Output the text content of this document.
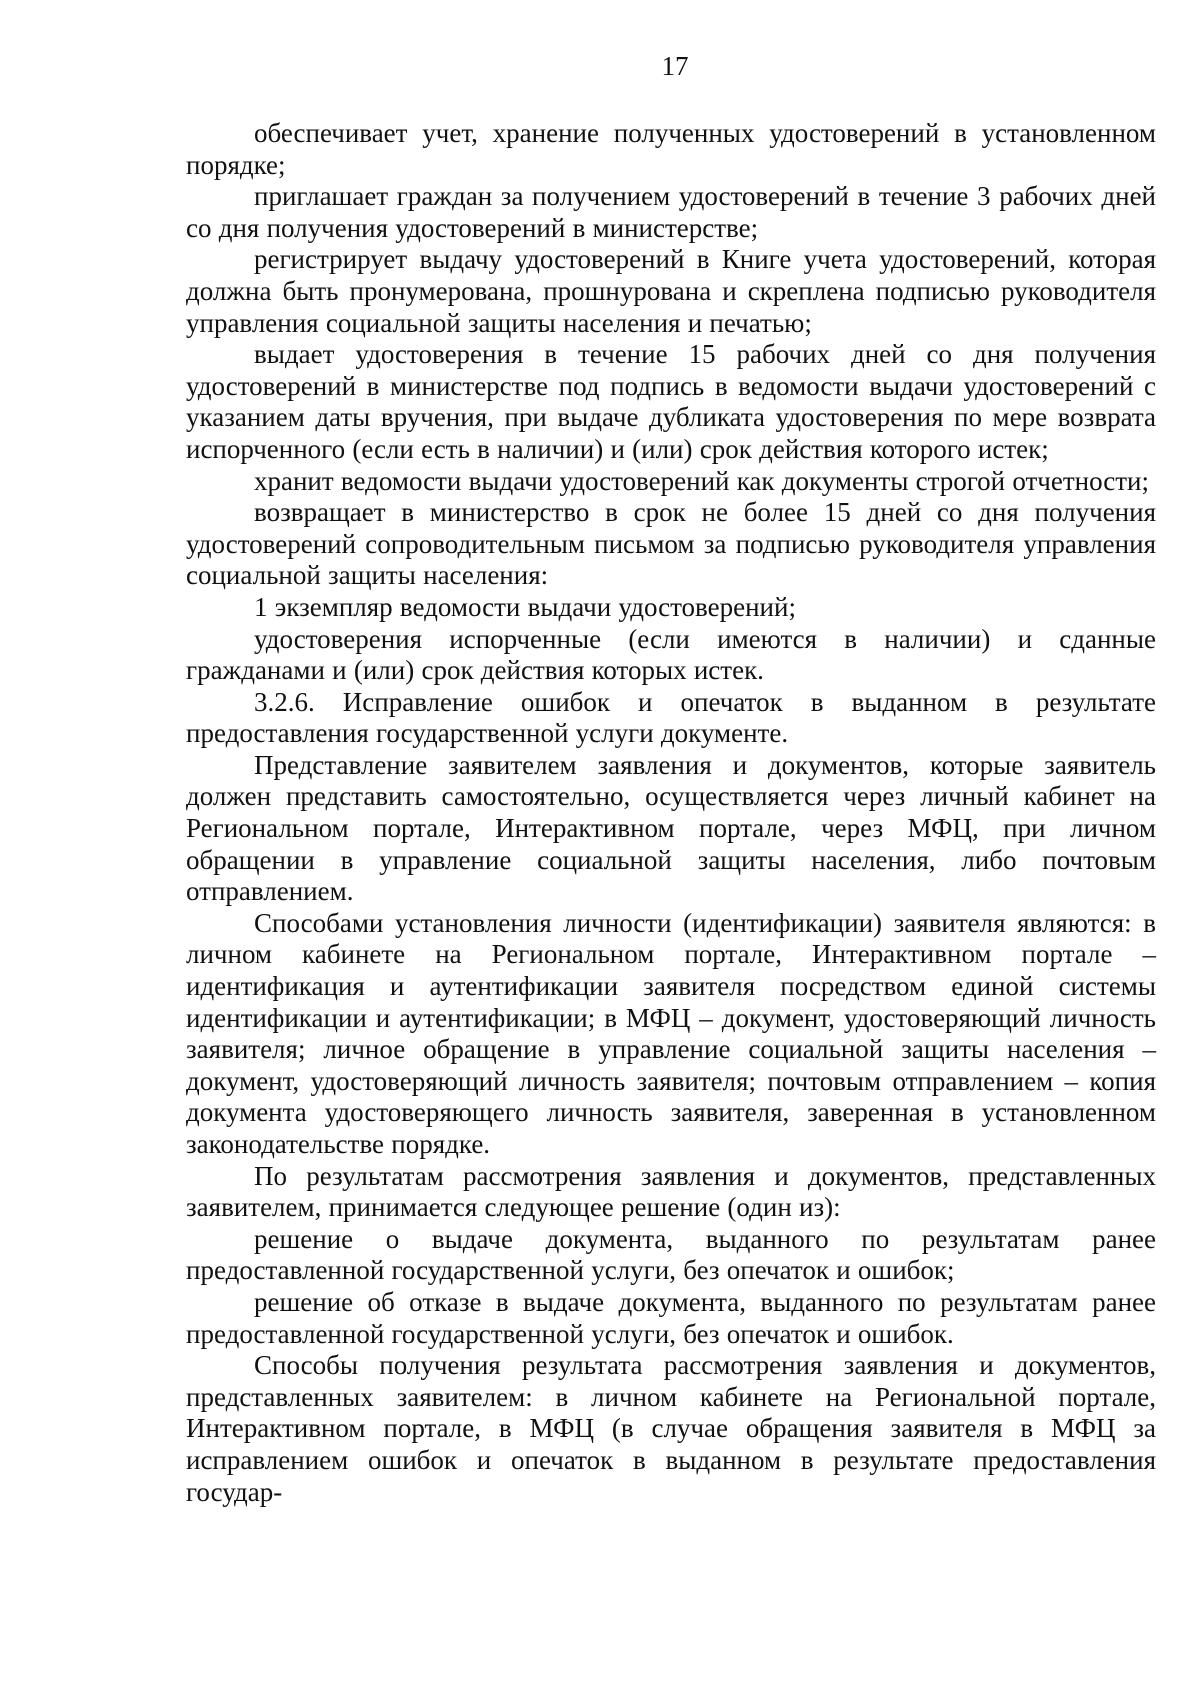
17

обеспечивает учет, хранение полученных удостоверений в установленном порядке;

приглашает граждан за получением удостоверений в течение 3 рабочих дней со дня получения удостоверений в министерстве;

регистрирует выдачу удостоверений в Книге учета удостоверений, которая должна быть пронумерована, прошнурована и скреплена подписью руководителя управления социальной защиты населения и печатью;

выдает удостоверения в течение 15 рабочих дней со дня получения удостоверений в министерстве под подпись в ведомости выдачи удостоверений с указанием даты вручения, при выдаче дубликата удостоверения по мере возврата испорченного (если есть в наличии) и (или) срок действия которого истек;

хранит ведомости выдачи удостоверений как документы строгой отчетности;

возвращает в министерство в срок не более 15 дней со дня получения удостоверений сопроводительным письмом за подписью руководителя управления социальной защиты населения:

1 экземпляр ведомости выдачи удостоверений;

удостоверения испорченные (если имеются в наличии) и сданные гражданами и (или) срок действия которых истек.

3.2.6. Исправление ошибок и опечаток в выданном в результате предоставления государственной услуги документе.

Представление заявителем заявления и документов, которые заявитель должен представить самостоятельно, осуществляется через личный кабинет на Региональном портале, Интерактивном портале, через МФЦ, при личном обращении в управление социальной защиты населения, либо почтовым отправлением.

Способами установления личности (идентификации) заявителя являются: в личном кабинете на Региональном портале, Интерактивном портале – идентификация и аутентификации заявителя посредством единой системы идентификации и аутентификации; в МФЦ – документ, удостоверяющий личность заявителя; личное обращение в управление социальной защиты населения – документ, удостоверяющий личность заявителя; почтовым отправлением – копия документа удостоверяющего личность заявителя, заверенная в установленном законодательстве порядке.

По результатам рассмотрения заявления и документов, представленных заявителем, принимается следующее решение (один из):

решение о выдаче документа, выданного по результатам ранее предоставленной государственной услуги, без опечаток и ошибок;

решение об отказе в выдаче документа, выданного по результатам ранее предоставленной государственной услуги, без опечаток и ошибок.

Способы получения результата рассмотрения заявления и документов, представленных заявителем: в личном кабинете на Региональной портале, Интерактивном портале, в МФЦ (в случае обращения заявителя в МФЦ за исправлением ошибок и опечаток в выданном в результате предоставления государ-
